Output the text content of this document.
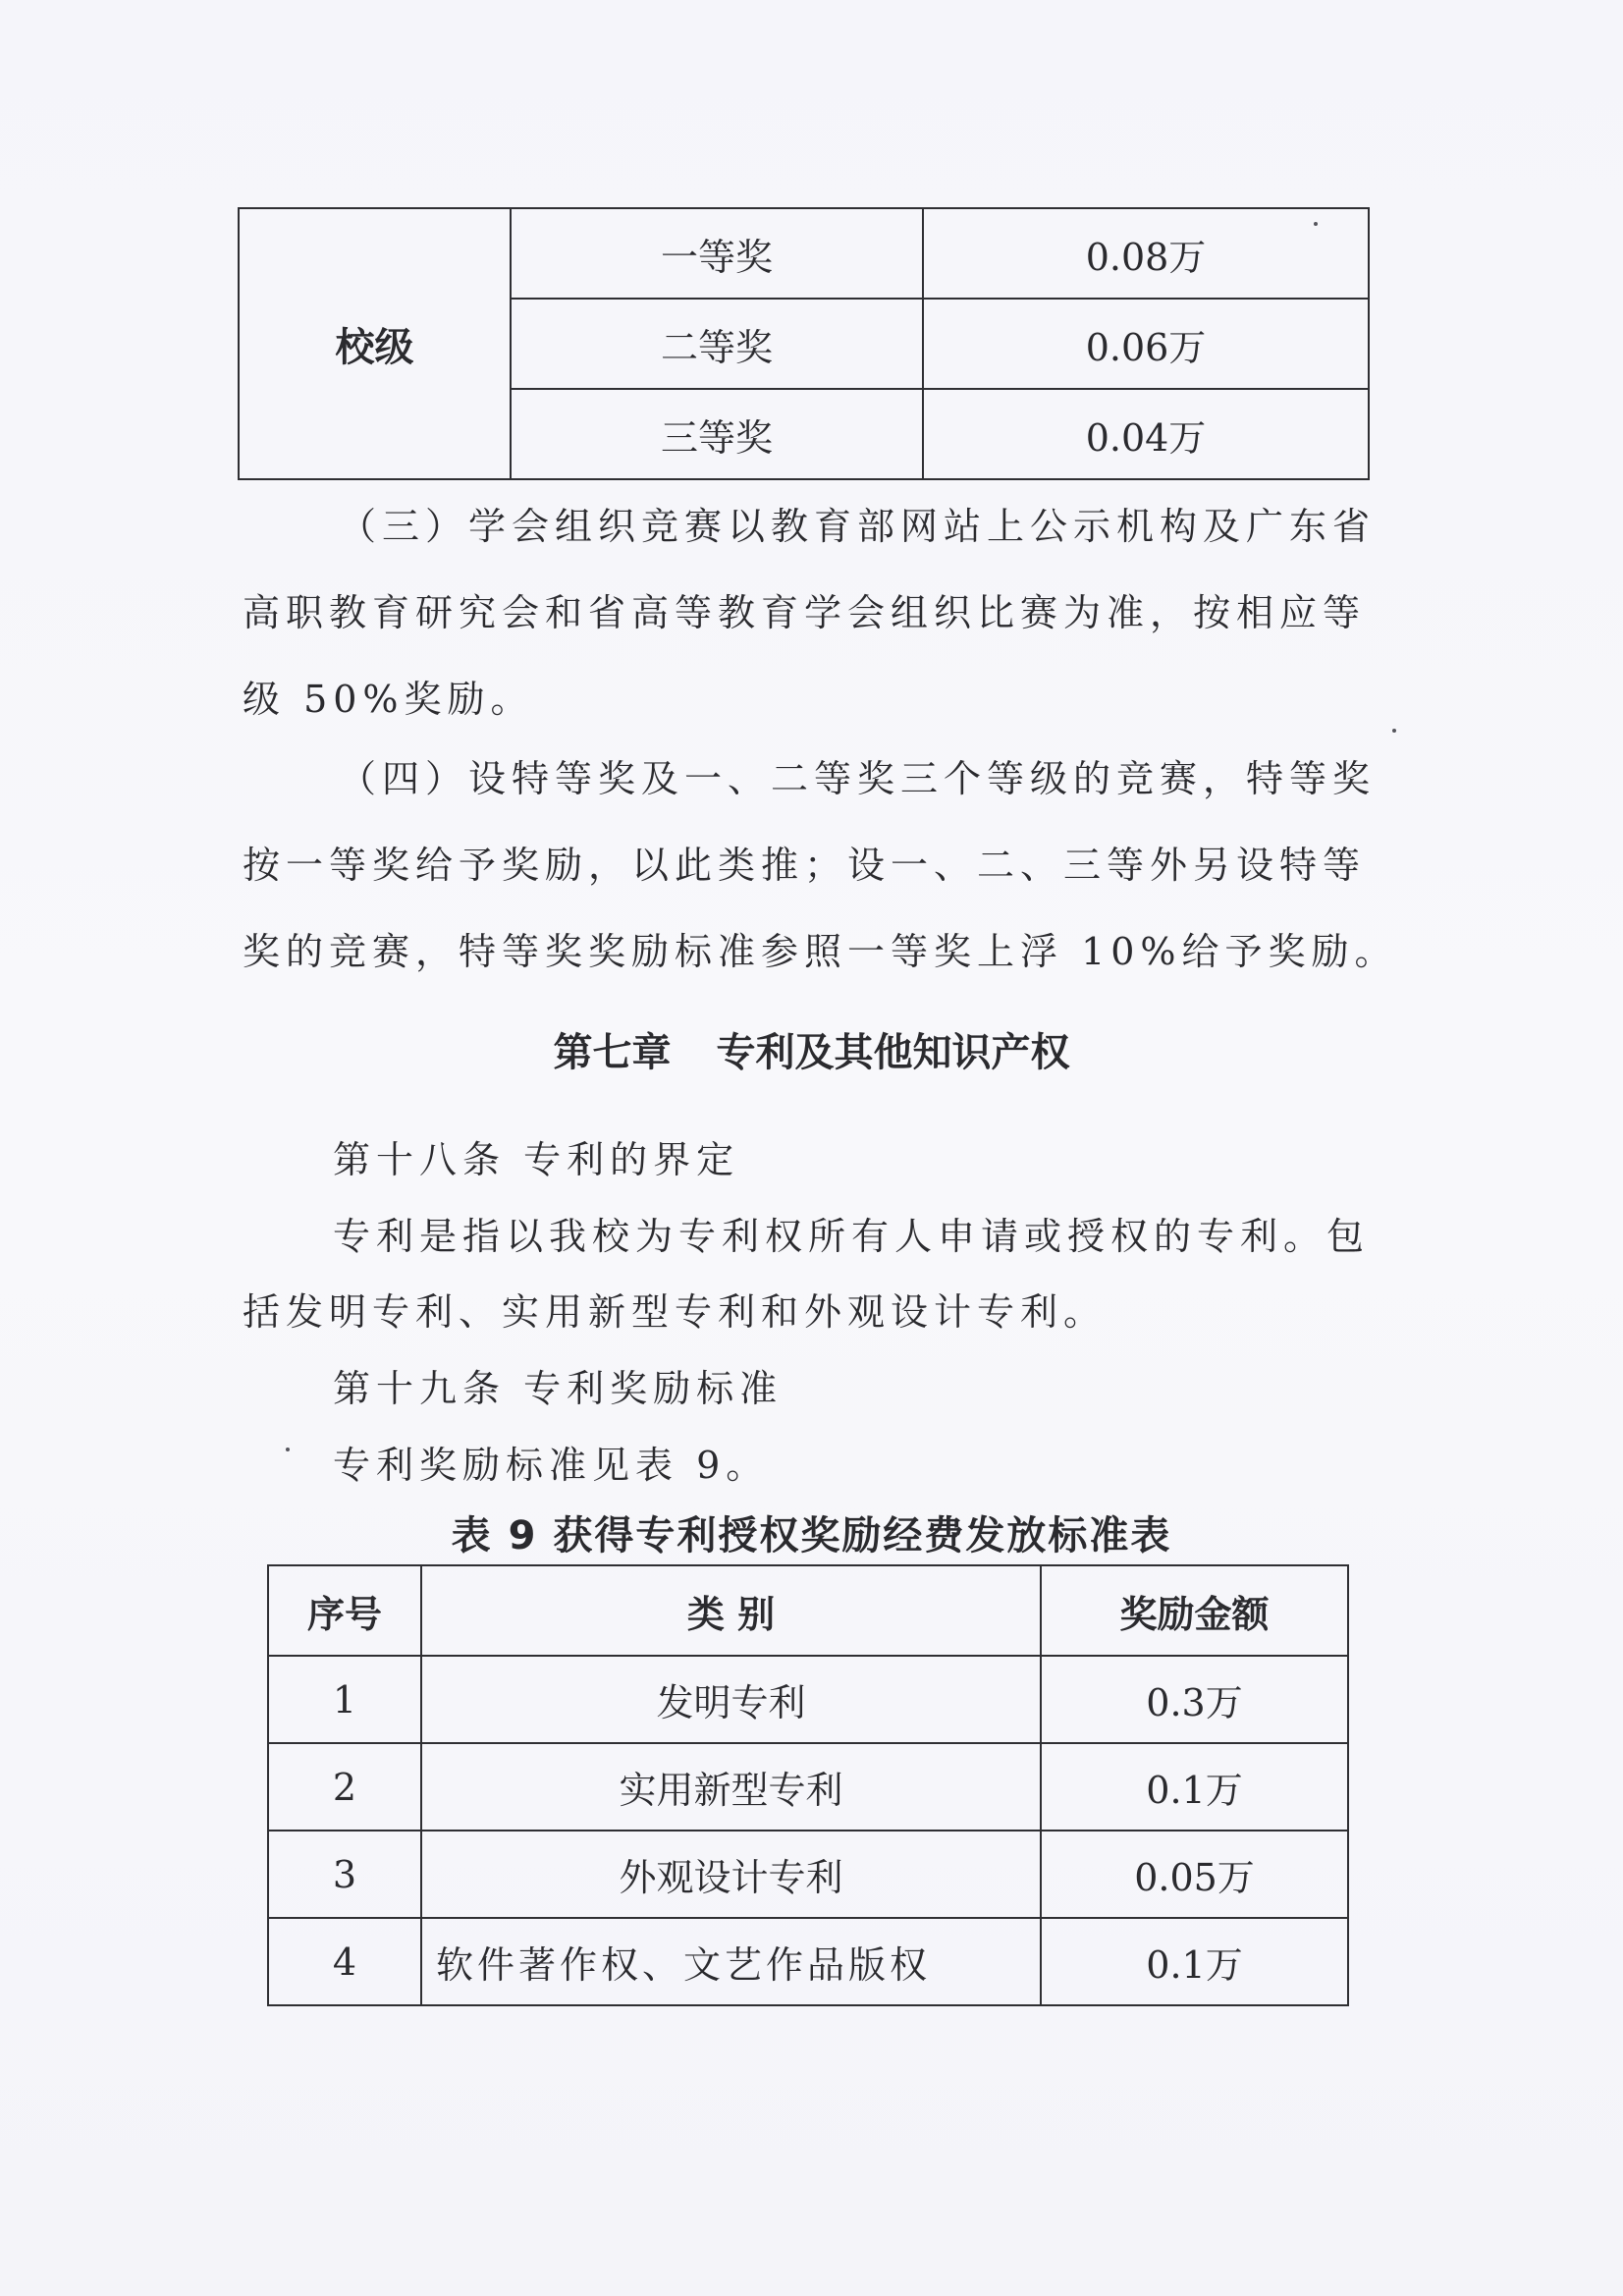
校级	一等奖	0.08万
	二等奖	0.06万
	三等奖	0.04万

（三）学会组织竞赛以教育部网站上公示机构及广东省

高职教育研究会和省高等教育学会组织比赛为准，按相应等

级 50%奖励。

（四）设特等奖及一、二等奖三个等级的竞赛，特等奖

按一等奖给予奖励，以此类推；设一、二、三等外另设特等

奖的竞赛，特等奖奖励标准参照一等奖上浮 10%给予奖励。

第七章 专利及其他知识产权

第十八条 专利的界定

专利是指以我校为专利权所有人申请或授权的专利。包

括发明专利、实用新型专利和外观设计专利。

第十九条 专利奖励标准

专利奖励标准见表 9。

表 9 获得专利授权奖励经费发放标准表
序号	类 别	奖励金额
1	发明专利	0.3万
2	实用新型专利	0.1万
3	外观设计专利	0.05万
4	软件著作权、文艺作品版权	0.1万
